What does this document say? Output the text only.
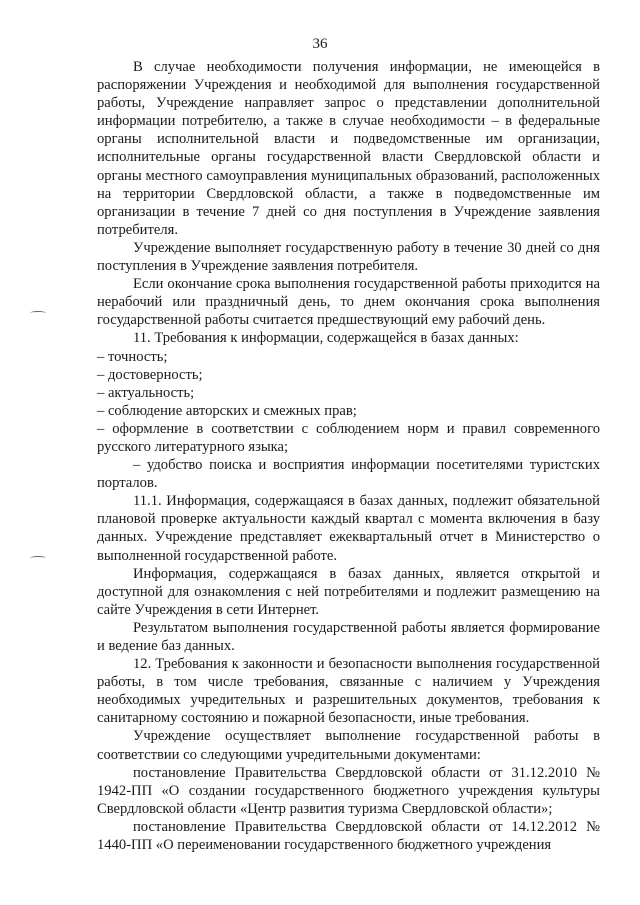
36

В случае необходимости получения информации, не имеющейся в распоряжении Учреждения и необходимой для выполнения государственной работы, Учреждение направляет запрос о представлении дополнительной информации потребителю, а также в случае необходимости – в федеральные органы исполнительной власти и подведомственные им организации, исполнительные органы государственной власти Свердловской области и органы местного самоуправления муниципальных образований, расположенных на территории Свердловской области, а также в подведомственные им организации в течение 7 дней со дня поступления в Учреждение заявления потребителя.

Учреждение выполняет государственную работу в течение 30 дней со дня поступления в Учреждение заявления потребителя.

Если окончание срока выполнения государственной работы приходится на нерабочий или праздничный день, то днем окончания срока выполнения государственной работы считается предшествующий ему рабочий день.

11. Требования к информации, содержащейся в базах данных:

– точность;

– достоверность;

– актуальность;

– соблюдение авторских и смежных прав;

– оформление в соответствии с соблюдением норм и правил современного русского литературного языка;

– удобство поиска и восприятия информации посетителями туристских порталов.

11.1. Информация, содержащаяся в базах данных, подлежит обязательной плановой проверке актуальности каждый квартал с момента включения в базу данных. Учреждение представляет ежеквартальный отчет в Министерство о выполненной государственной работе.

Информация, содержащаяся в базах данных, является открытой и доступной для ознакомления с ней потребителями и подлежит размещению на сайте Учреждения в сети Интернет.

Результатом выполнения государственной работы является формирование и ведение баз данных.

12. Требования к законности и безопасности выполнения государственной работы, в том числе требования, связанные с наличием у Учреждения необходимых учредительных и разрешительных документов, требования к санитарному состоянию и пожарной безопасности, иные требования.

Учреждение осуществляет выполнение государственной работы в соответствии со следующими учредительными документами:

постановление Правительства Свердловской области от 31.12.2010 № 1942-ПП «О создании государственного бюджетного учреждения культуры Свердловской области «Центр развития туризма Свердловской области»;

постановление Правительства Свердловской области от 14.12.2012 № 1440-ПП «О переименовании государственного бюджетного учреждения
